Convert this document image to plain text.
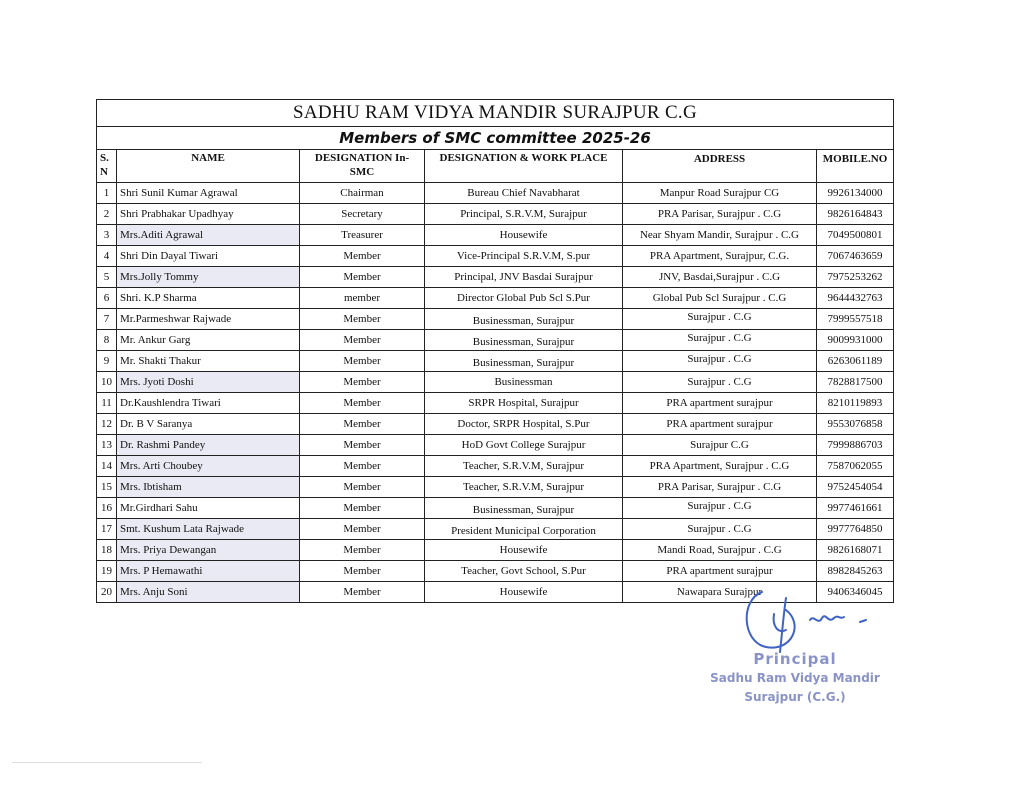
SADHU RAM VIDYA MANDIR SURAJPUR C.G					
Members of SMC committee 2025-26					
S. N	NAME	DESIGNATION In-SMC	DESIGNATION & WORK PLACE	ADDRESS	MOBILE.NO
1	Shri Sunil Kumar Agrawal	Chairman	Bureau Chief Navabharat	Manpur Road Surajpur CG	9926134000
2	Shri Prabhakar Upadhyay	Secretary	Principal, S.R.V.M, Surajpur	PRA Parisar, Surajpur . C.G	9826164843
3	Mrs.Aditi Agrawal	Treasurer	Housewife	Near Shyam Mandir, Surajpur . C.G	7049500801
4	Shri Din Dayal Tiwari	Member	Vice-Principal S.R.V.M, S.pur	PRA Apartment, Surajpur, C.G.	7067463659
5	Mrs.Jolly Tommy	Member	Principal, JNV Basdai Surajpur	JNV, Basdai,Surajpur . C.G	7975253262
6	Shri. K.P Sharma	member	Director Global Pub Scl S.Pur	Global Pub Scl Surajpur . C.G	9644432763
7	Mr.Parmeshwar Rajwade	Member	Businessman, Surajpur	Surajpur . C.G	7999557518
8	Mr. Ankur Garg	Member	Businessman, Surajpur	Surajpur . C.G	9009931000
9	Mr. Shakti Thakur	Member	Businessman, Surajpur	Surajpur . C.G	6263061189
10	Mrs. Jyoti Doshi	Member	Businessman	Surajpur . C.G	7828817500
11	Dr.Kaushlendra Tiwari	Member	SRPR Hospital, Surajpur	PRA apartment surajpur	8210119893
12	Dr. B V Saranya	Member	Doctor, SRPR Hospital, S.Pur	PRA apartment surajpur	9553076858
13	Dr. Rashmi Pandey	Member	HoD Govt College Surajpur	Surajpur C.G	7999886703
14	Mrs. Arti Choubey	Member	Teacher, S.R.V.M, Surajpur	PRA Apartment, Surajpur . C.G	7587062055
15	Mrs. Ibtisham	Member	Teacher, S.R.V.M, Surajpur	PRA Parisar, Surajpur . C.G	9752454054
16	Mr.Girdhari Sahu	Member	Businessman, Surajpur	Surajpur . C.G	9977461661
17	Smt. Kushum Lata Rajwade	Member	President Municipal Corporation	Surajpur . C.G	9977764850
18	Mrs. Priya Dewangan	Member	Housewife	Mandi Road, Surajpur . C.G	9826168071
19	Mrs. P Hemawathi	Member	Teacher, Govt School, S.Pur	PRA apartment surajpur	8982845263
20	Mrs. Anju Soni	Member	Housewife	Nawapara Surajpur	9406346045
Principal
Sadhu Ram Vidya Mandir
Surajpur (C.G.)
